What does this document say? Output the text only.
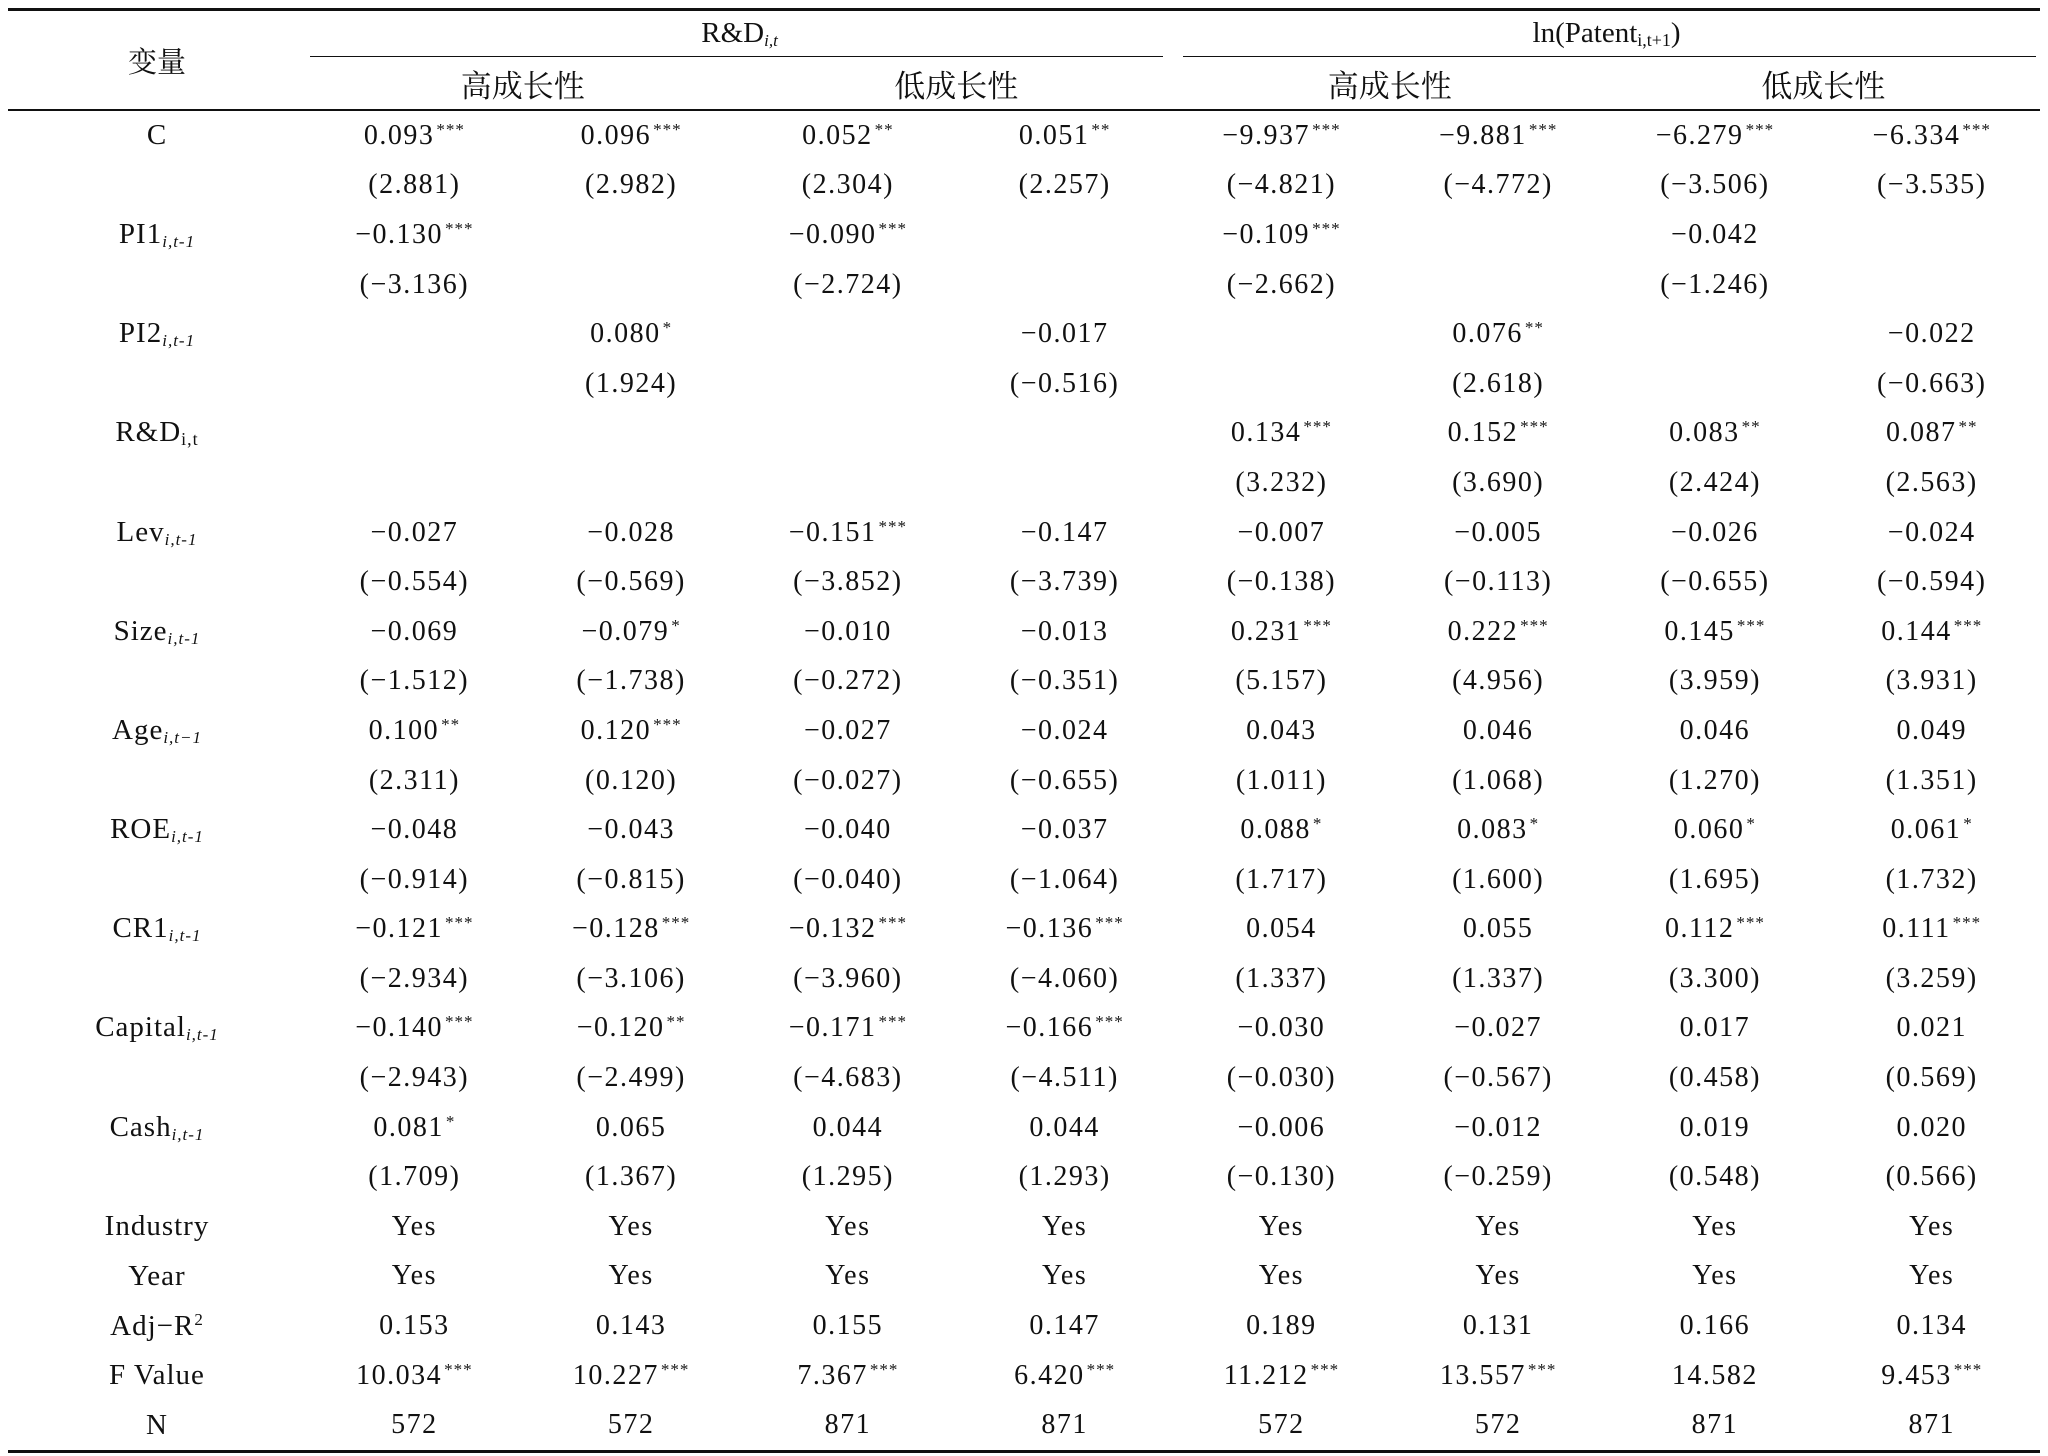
变量	$R\&D_{i,t}$				ln(Patenti,t+1)			

	高成长性		低成长性		高成长性		低成长性	
C	0.093 ***	0.096 ***	0.052 **	0.051 **	−9.937 ***	−9.881 ***	−6.279 ***	−6.334 ***
	(2.881)	(2.982)	(2.304)	(2.257)	(−4.821)	(−4.772)	(−3.506)	(−3.535)
$PI1_{i,t-1}$	−0.130 ***		−0.090 ***		−0.109 ***		−0.042	
	(−3.136)		(−2.724)		(−2.662)		(−1.246)	
$PI2_{i,t-1}$		0.080 *		−0.017		0.076 **		−0.022
		(1.924)		(−0.516)		(2.618)		(−0.663)
R&Di,t					0.134 ***	0.152 ***	0.083 **	0.087 **
					(3.232)	(3.690)	(2.424)	(2.563)
Lev$_{i,t-1}$	−0.027	−0.028	−0.151 ***	−0.147	−0.007	−0.005	−0.026	−0.024
	(−0.554)	(−0.569)	(−3.852)	(−3.739)	(−0.138)	(−0.113)	(−0.655)	(−0.594)
Size$_{i,t-1}$	−0.069	−0.079 *	−0.010	−0.013	0.231 ***	0.222 ***	0.145 ***	0.144 ***
	(−1.512)	(−1.738)	(−0.272)	(−0.351)	(5.157)	(4.956)	(3.959)	(3.931)
Age$_{i,t-1}$	0.100 **	0.120 ***	−0.027	−0.024	0.043	0.046	0.046	0.049
	(2.311)	(0.120)	(−0.027)	(−0.655)	(1.011)	(1.068)	(1.270)	(1.351)
$ROE_{i,t-1}$	−0.048	−0.043	−0.040	−0.037	0.088 *	0.083 *	0.060 *	0.061 *
	(−0.914)	(−0.815)	(−0.040)	(−1.064)	(1.717)	(1.600)	(1.695)	(1.732)
$CR1_{i,t-1}$	−0.121 ***	−0.128 ***	−0.132 ***	−0.136 ***	0.054	0.055	0.112 ***	0.111 ***
	(−2.934)	(−3.106)	(−3.960)	(−4.060)	(1.337)	(1.337)	(3.300)	(3.259)
Capital$_{i,t-1}$	−0.140 ***	−0.120 **	−0.171 ***	−0.166 ***	−0.030	−0.027	0.017	0.021
	(−2.943)	(−2.499)	(−4.683)	(−4.511)	(−0.030)	(−0.567)	(0.458)	(0.569)
Cash$_{i,t-1}$	0.081 *	0.065	0.044	0.044	−0.006	−0.012	0.019	0.020
	(1.709)	(1.367)	(1.295)	(1.293)	(−0.130)	(−0.259)	(0.548)	(0.566)
Industry	Yes	Yes	Yes	Yes	Yes	Yes	Yes	Yes
Year	Yes	Yes	Yes	Yes	Yes	Yes	Yes	Yes
$Adj-R^2$	0.153	0.143	0.155	0.147	0.189	0.131	0.166	0.134
F Value	10.034 ***	10.227 ***	7.367 ***	6.420 ***	11.212 ***	13.557 ***	14.582	9.453 ***
N	572	572	871	871	572	572	871	871
